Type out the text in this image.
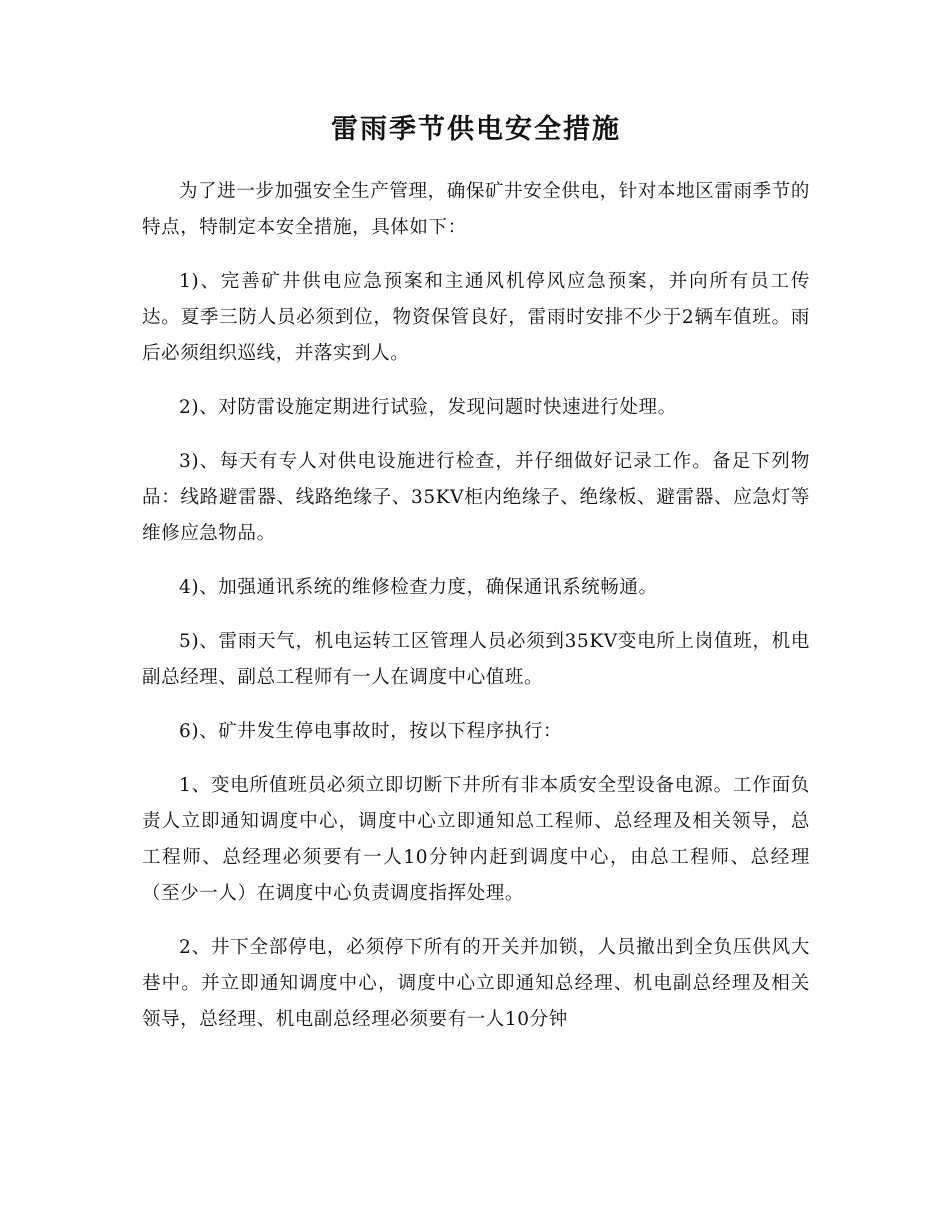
雷雨季节供电安全措施

为了进一步加强安全生产管理，确保矿井安全供电，针对本地区雷雨季节的特点，特制定本安全措施，具体如下：

1)、完善矿井供电应急预案和主通风机停风应急预案，并向所有员工传达。夏季三防人员必须到位，物资保管良好，雷雨时安排不少于2辆车值班。雨后必须组织巡线，并落实到人。

2)、对防雷设施定期进行试验，发现问题时快速进行处理。

3)、每天有专人对供电设施进行检查，并仔细做好记录工作。备足下列物品：线路避雷器、线路绝缘子、35KV柜内绝缘子、绝缘板、避雷器、应急灯等维修应急物品。

4)、加强通讯系统的维修检查力度，确保通讯系统畅通。

5)、雷雨天气，机电运转工区管理人员必须到35KV变电所上岗值班，机电副总经理、副总工程师有一人在调度中心值班。

6)、矿井发生停电事故时，按以下程序执行：

1、变电所值班员必须立即切断下井所有非本质安全型设备电源。工作面负责人立即通知调度中心，调度中心立即通知总工程师、总经理及相关领导，总工程师、总经理必须要有一人10分钟内赶到调度中心，由总工程师、总经理（至少一人）在调度中心负责调度指挥处理。

2、井下全部停电，必须停下所有的开关并加锁，人员撤出到全负压供风大巷中。并立即通知调度中心，调度中心立即通知总经理、机电副总经理及相关领导，总经理、机电副总经理必须要有一人10分钟
